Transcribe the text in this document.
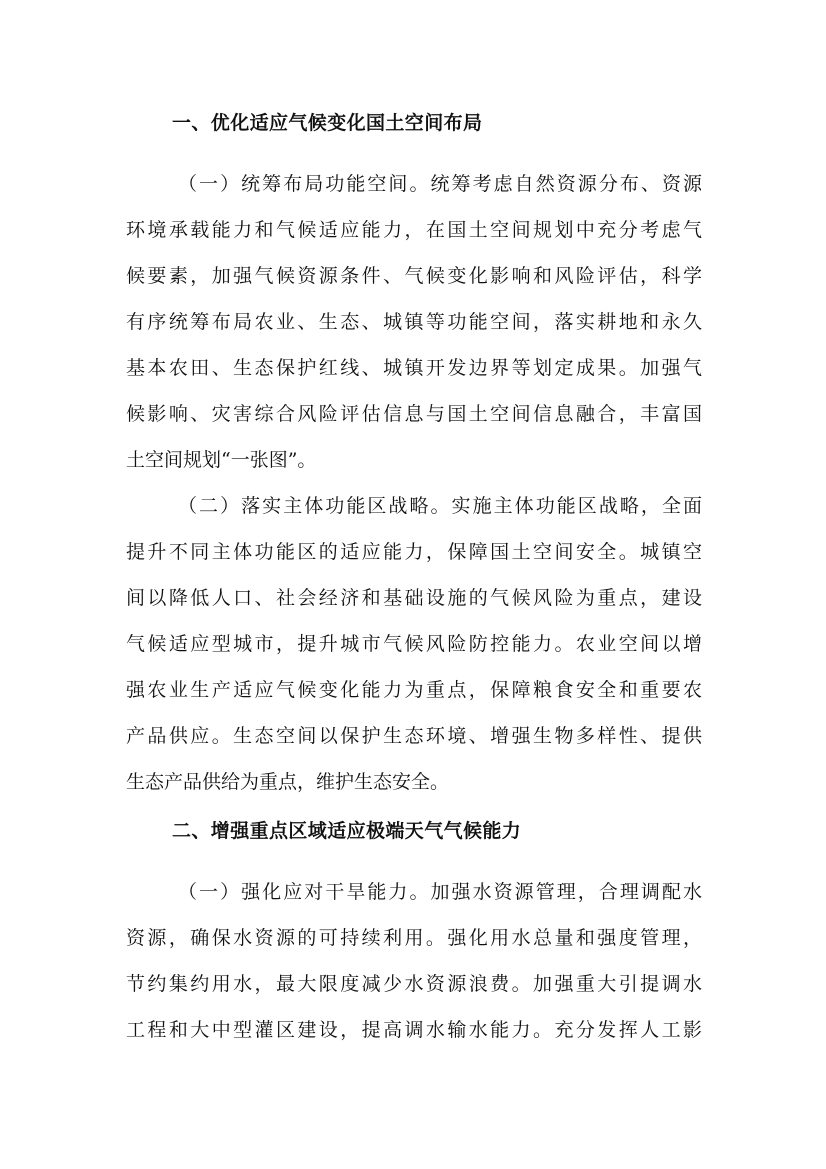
一、优化适应气候变化国土空间布局
（一）统筹布局功能空间。统筹考虑自然资源分布、资源
环境承载能力和气候适应能力，在国土空间规划中充分考虑气
候要素，加强气候资源条件、气候变化影响和风险评估，科学
有序统筹布局农业、生态、城镇等功能空间，落实耕地和永久
基本农田、生态保护红线、城镇开发边界等划定成果。加强气
候影响、灾害综合风险评估信息与国土空间信息融合，丰富国
土空间规划“一张图”。
（二）落实主体功能区战略。实施主体功能区战略，全面
提升不同主体功能区的适应能力，保障国土空间安全。城镇空
间以降低人口、社会经济和基础设施的气候风险为重点，建设
气候适应型城市，提升城市气候风险防控能力。农业空间以增
强农业生产适应气候变化能力为重点，保障粮食安全和重要农
产品供应。生态空间以保护生态环境、增强生物多样性、提供
生态产品供给为重点，维护生态安全。
二、增强重点区域适应极端天气气候能力
（一）强化应对干旱能力。加强水资源管理，合理调配水
资源，确保水资源的可持续利用。强化用水总量和强度管理，
节约集约用水，最大限度减少水资源浪费。加强重大引提调水
工程和大中型灌区建设，提高调水输水能力。充分发挥人工影
